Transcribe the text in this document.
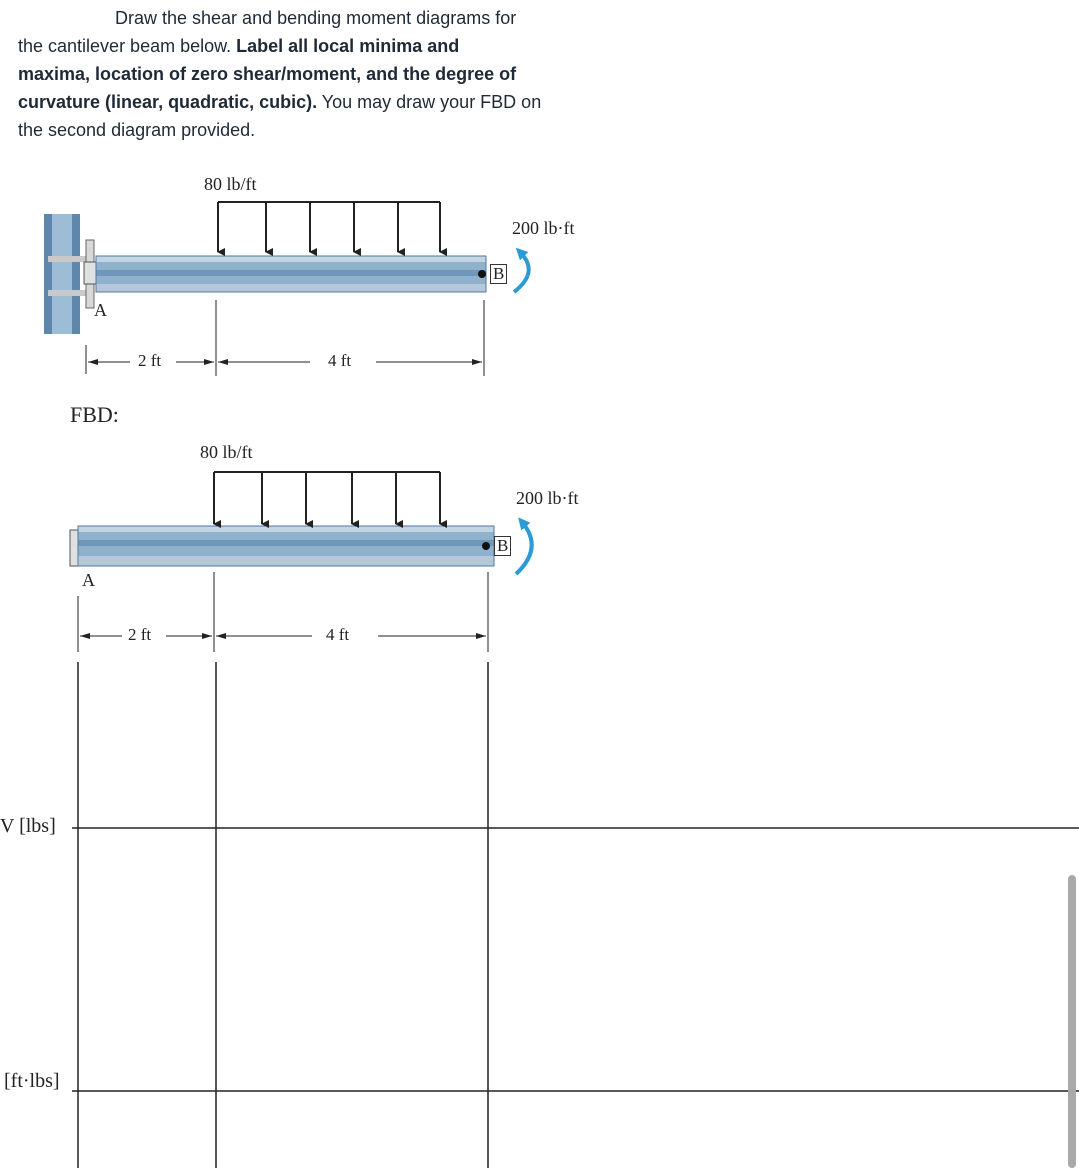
Draw the shear and bending moment diagrams for

the cantilever beam below. Label all local minima and

maxima, location of zero shear/moment, and the degree of

curvature (linear, quadratic, cubic). You may draw your FBD on

the second diagram provided.

80 lb/ft
200 lb·ft
A
B
2 ft	4 ft
FBD:
80 lb/ft
200 lb·ft
A
B
2 ft	4 ft
V [lbs]
[ft·lbs]
